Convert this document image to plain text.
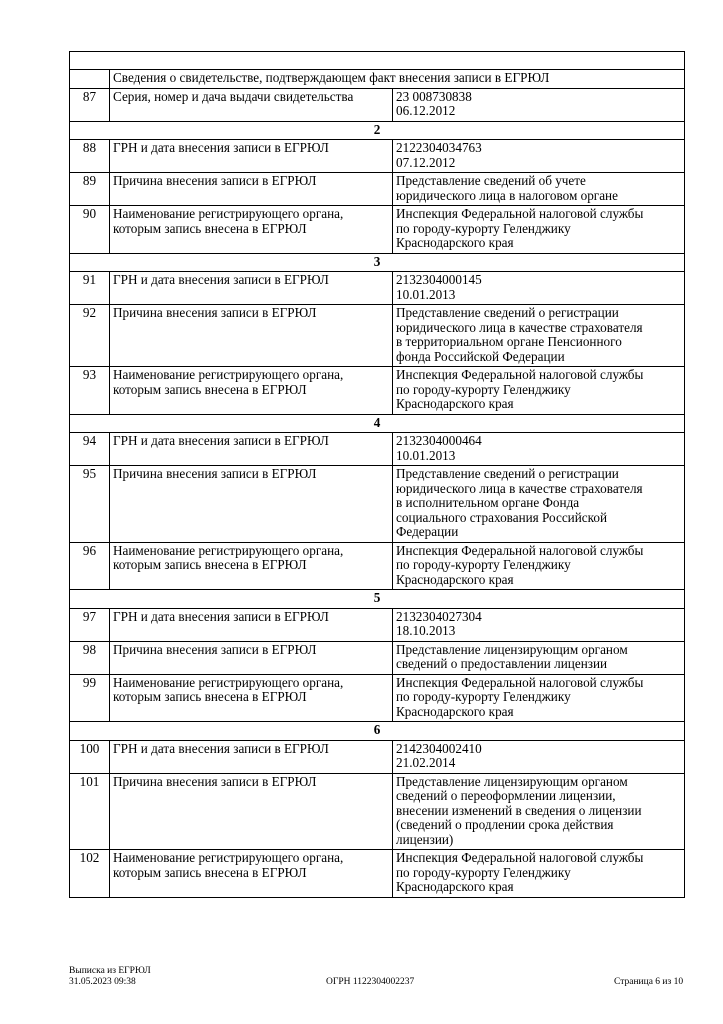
	Сведения о свидетельстве, подтверждающем факт внесения записи в ЕГРЮЛ	
87	Серия, номер и дача выдачи свидетельства	23 008730838
06.12.2012

2		
88	ГРН и дата внесения записи в ЕГРЮЛ	2122304034763
07.12.2012

89	Причина внесения записи в ЕГРЮЛ	Представление сведений об учете
юридического лица в налоговом органе

90	Наименование регистрирующего органа,
которым запись внесена в ЕГРЮЛ	Инспекция Федеральной налоговой службы
по городу-курорту Геленджику
Краснодарского края

3		
91	ГРН и дата внесения записи в ЕГРЮЛ	2132304000145
10.01.2013

92	Причина внесения записи в ЕГРЮЛ	Представление сведений о регистрации
юридического лица в качестве страхователя
в территориальном органе Пенсионного
фонда Российской Федерации

93	Наименование регистрирующего органа,
которым запись внесена в ЕГРЮЛ	Инспекция Федеральной налоговой службы
по городу-курорту Геленджику
Краснодарского края

4		
94	ГРН и дата внесения записи в ЕГРЮЛ	2132304000464
10.01.2013

95	Причина внесения записи в ЕГРЮЛ	Представление сведений о регистрации
юридического лица в качестве страхователя
в исполнительном органе Фонда
социального страхования Российской
Федерации

96	Наименование регистрирующего органа,
которым запись внесена в ЕГРЮЛ	Инспекция Федеральной налоговой службы
по городу-курорту Геленджику
Краснодарского края

5		
97	ГРН и дата внесения записи в ЕГРЮЛ	2132304027304
18.10.2013

98	Причина внесения записи в ЕГРЮЛ	Представление лицензирующим органом
сведений о предоставлении лицензии

99	Наименование регистрирующего органа,
которым запись внесена в ЕГРЮЛ	Инспекция Федеральной налоговой службы
по городу-курорту Геленджику
Краснодарского края

6		
100	ГРН и дата внесения записи в ЕГРЮЛ	2142304002410
21.02.2014

101	Причина внесения записи в ЕГРЮЛ	Представление лицензирующим органом
сведений о переоформлении лицензии,
внесении изменений в сведения о лицензии
(сведений о продлении срока действия
лицензии)

102	Наименование регистрирующего органа,
которым запись внесена в ЕГРЮЛ	Инспекция Федеральной налоговой службы
по городу-курорту Геленджику
Краснодарского края
Выписка из ЕГРЮЛ
31.05.2023 09:38	ОГРН 1122304002237	Страница 6 из 10
